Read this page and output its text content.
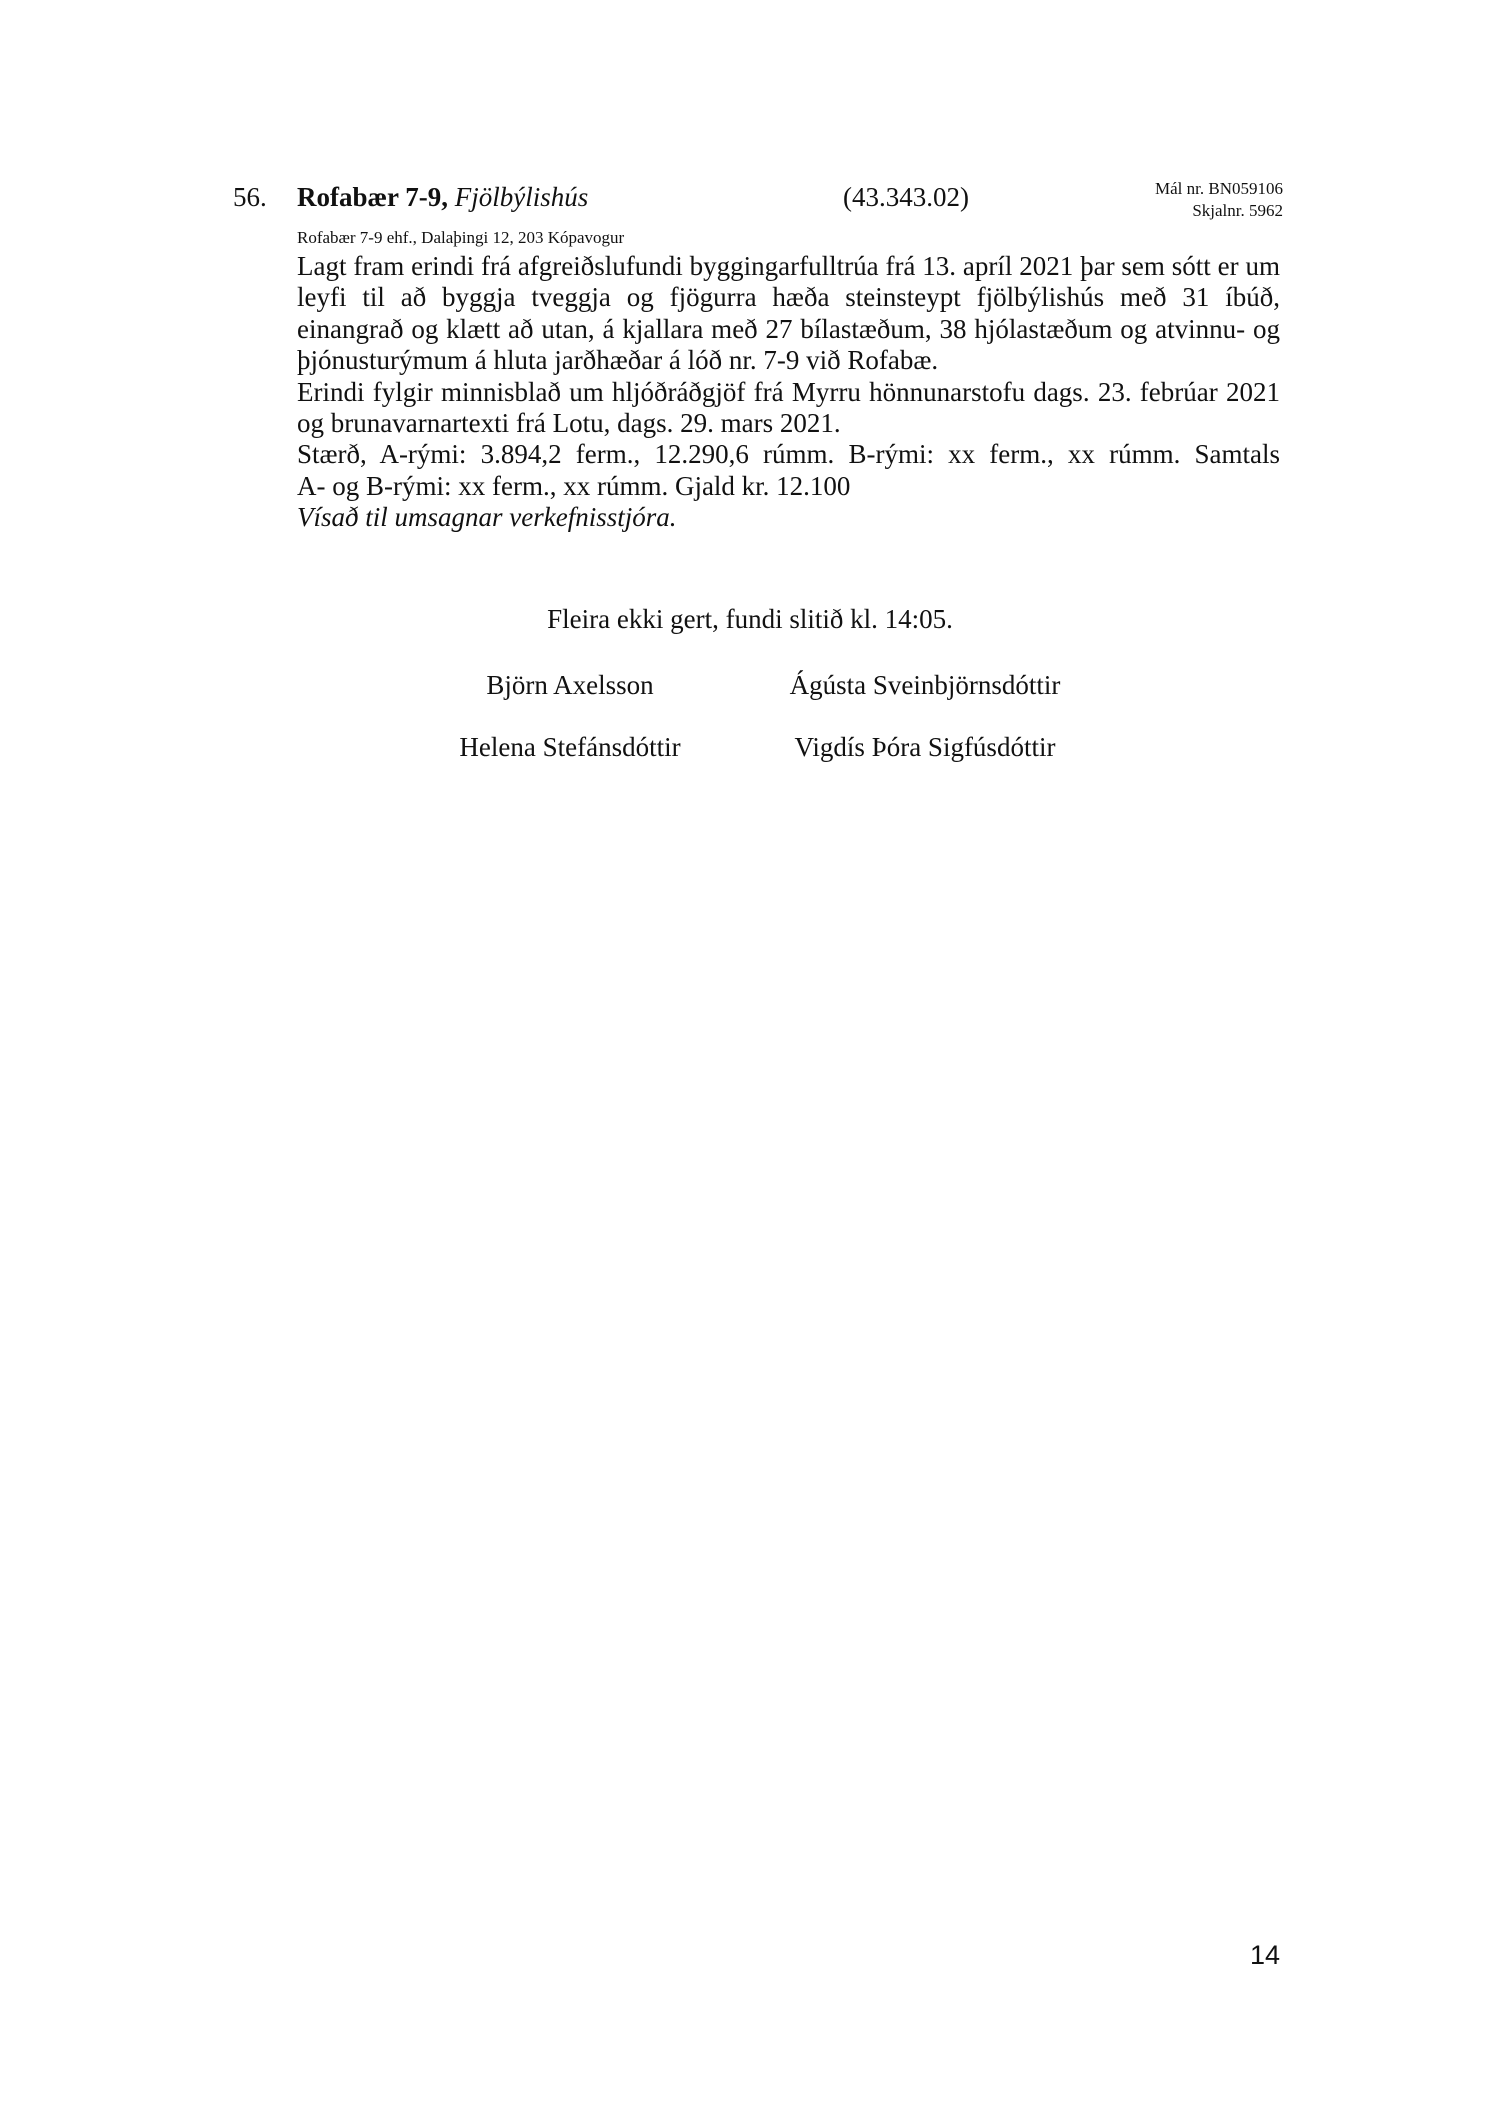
56. Rofabær 7-9, Fjölbýlishús	(43.343.02)	Mál nr. BN059106
Skjalnr. 5962
Rofabær 7-9 ehf., Dalaþingi 12, 203 Kópavogur

Lagt fram erindi frá afgreiðslufundi byggingarfulltrúa frá 13. apríl 2021 þar sem sótt er um leyfi til að byggja tveggja og fjögurra hæða steinsteypt fjölbýlishús með 31 íbúð, einangrað og klætt að utan, á kjallara með 27 bílastæðum, 38 hjólastæðum og atvinnu- og þjónusturýmum á hluta jarðhæðar á lóð nr. 7-9 við Rofabæ.

Erindi fylgir minnisblað um hljóðráðgjöf frá Myrru hönnunarstofu dags. 23. febrúar 2021 og brunavarnartexti frá Lotu, dags. 29. mars 2021.

Stærð, A-rými: 3.894,2 ferm., 12.290,6 rúmm. B-rými: xx ferm., xx rúmm. Samtals

A- og B-rými: xx ferm., xx rúmm. Gjald kr. 12.100

Vísað til umsagnar verkefnisstjóra.

Fleira ekki gert, fundi slitið kl. 14:05.
Björn Axelsson	Ágústa Sveinbjörnsdóttir
Helena Stefánsdóttir	Vigdís Þóra Sigfúsdóttir
14
